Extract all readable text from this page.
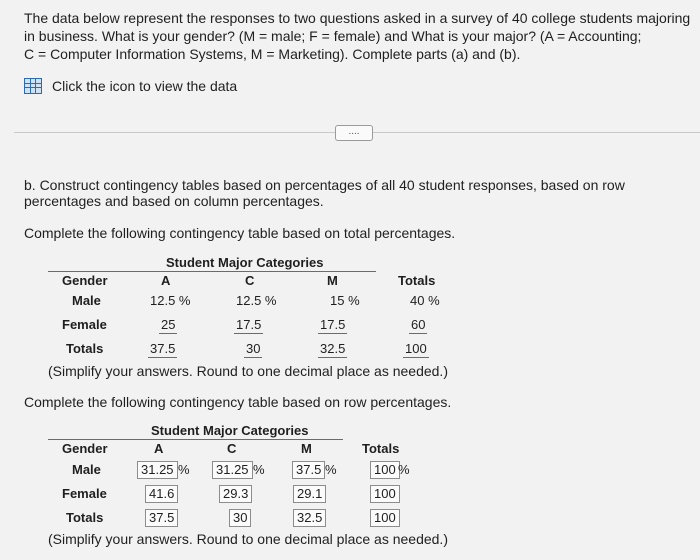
The data below represent the responses to two questions asked in a survey of 40 college students majoring
in business. What is your gender? (M = male; F = female) and What is your major? (A = Accounting;
C = Computer Information Systems, M = Marketing). Complete parts (a) and (b).
Click the icon to view the data
....
b. Construct contingency tables based on percentages of all 40 student responses, based on row
percentages and based on column percentages.
Complete the following contingency table based on total percentages.
Student Major Categories
Gender	A	C	M	Totals
Male	12.5 %	12.5 %	15 %	40 %
Female	25	17.5	17.5	60
Totals	37.5	30	32.5	100
(Simplify your answers. Round to one decimal place as needed.)
Complete the following contingency table based on row percentages.
Student Major Categories
Gender	A	C	M	Totals
Male	31.25 %	31.25 %	37.5 %	100 %
Female	41.6	29.3	29.1	100
Totals	37.5	30	32.5	100
(Simplify your answers. Round to one decimal place as needed.)
